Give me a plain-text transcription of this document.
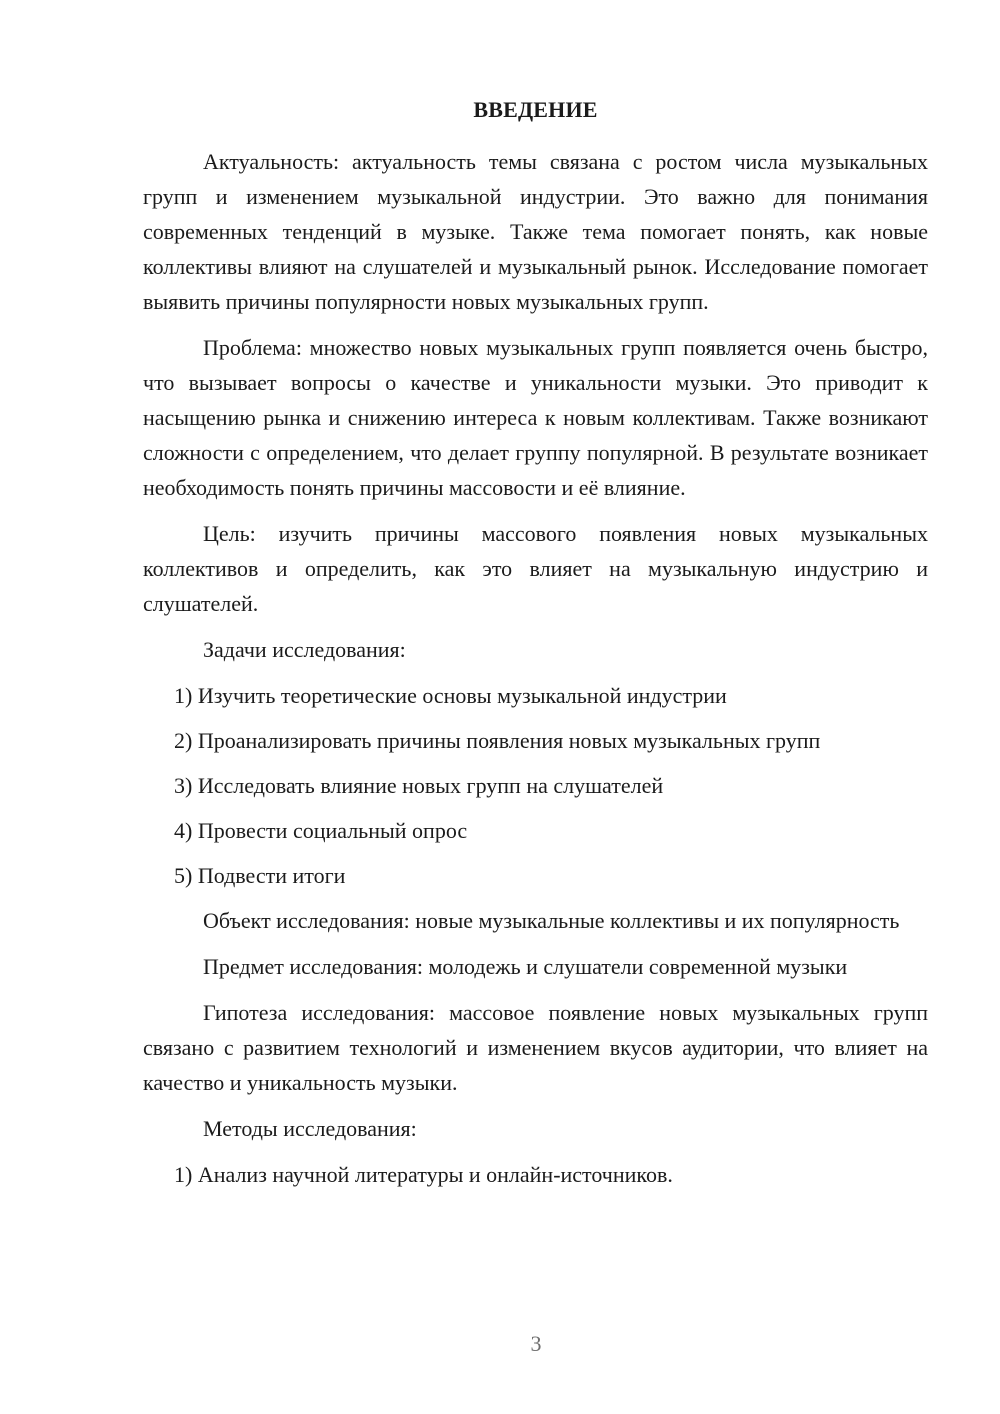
ВВЕДЕНИЕ

Актуальность: актуальность темы связана с ростом числа музыкальных групп и изменением музыкальной индустрии. Это важно для понимания современных тенденций в музыке. Также тема помогает понять, как новые коллективы влияют на слушателей и музыкальный рынок. Исследование помогает выявить причины популярности новых музыкальных групп.

Проблема: множество новых музыкальных групп появляется очень быстро, что вызывает вопросы о качестве и уникальности музыки. Это приводит к насыщению рынка и снижению интереса к новым коллективам. Также возникают сложности с определением, что делает группу популярной. В результате возникает необходимость понять причины массовости и её влияние.

Цель: изучить причины массового появления новых музыкальных коллективов и определить, как это влияет на музыкальную индустрию и слушателей.

Задачи исследования:

1) Изучить теоретические основы музыкальной индустрии
2) Проанализировать причины появления новых музыкальных групп
3) Исследовать влияние новых групп на слушателей
4) Провести социальный опрос
5) Подвести итоги

Объект исследования: новые музыкальные коллективы и их популярность

Предмет исследования: молодежь и слушатели современной музыки

Гипотеза исследования: массовое появление новых музыкальных групп связано с развитием технологий и изменением вкусов аудитории, что влияет на качество и уникальность музыки.

Методы исследования:

1) Анализ научной литературы и онлайн-источников.
3
